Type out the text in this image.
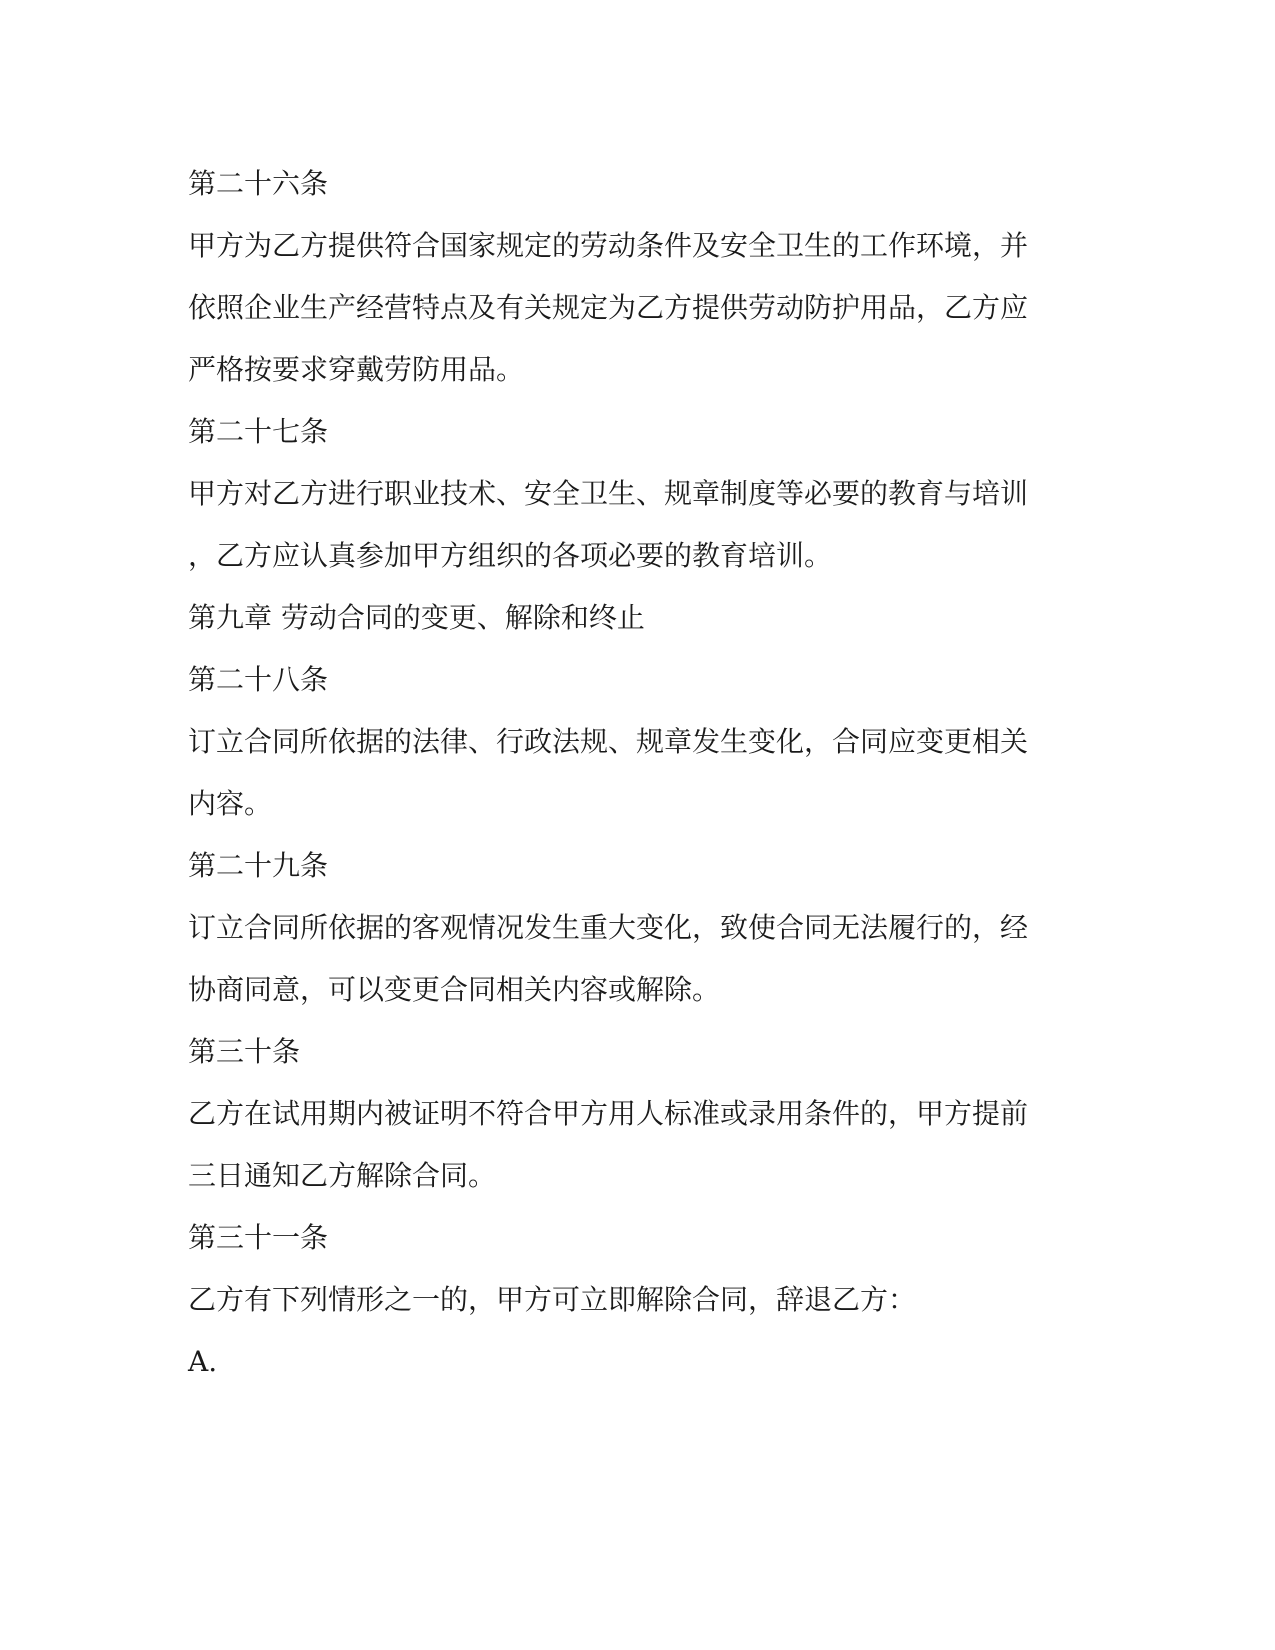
第二十六条
甲方为乙方提供符合国家规定的劳动条件及安全卫生的工作环境，并
依照企业生产经营特点及有关规定为乙方提供劳动防护用品，乙方应
严格按要求穿戴劳防用品。
第二十七条
甲方对乙方进行职业技术、安全卫生、规章制度等必要的教育与培训
，乙方应认真参加甲方组织的各项必要的教育培训。
第九章 劳动合同的变更、解除和终止
第二十八条
订立合同所依据的法律、行政法规、规章发生变化，合同应变更相关
内容。
第二十九条
订立合同所依据的客观情况发生重大变化，致使合同无法履行的，经
协商同意，可以变更合同相关内容或解除。
第三十条
乙方在试用期内被证明不符合甲方用人标准或录用条件的，甲方提前
三日通知乙方解除合同。
第三十一条
乙方有下列情形之一的，甲方可立即解除合同，辞退乙方：
A.
